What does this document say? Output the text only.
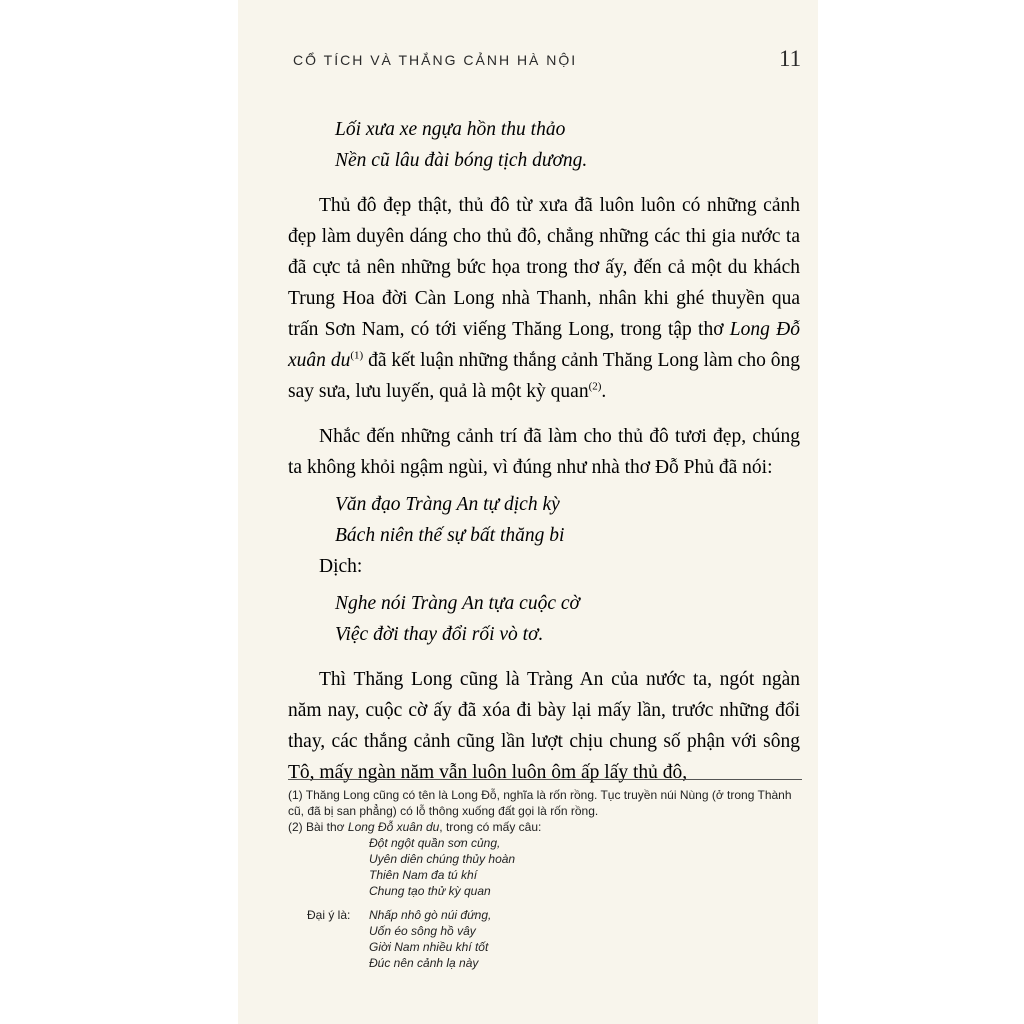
CỔ TÍCH VÀ THẮNG CẢNH HÀ NỘI	11
Lối xưa xe ngựa hồn thu thảo
Nền cũ lâu đài bóng tịch dương.

Thủ đô đẹp thật, thủ đô từ xưa đã luôn luôn có những cảnh đẹp làm duyên dáng cho thủ đô, chẳng những các thi gia nước ta đã cực tả nên những bức họa trong thơ ấy, đến cả một du khách Trung Hoa đời Càn Long nhà Thanh, nhân khi ghé thuyền qua trấn Sơn Nam, có tới viếng Thăng Long, trong tập thơ Long Đỗ xuân $du^{(1)}$ đã kết luận những thắng cảnh Thăng Long làm cho ông say sưa, lưu luyến, quả là một kỳ quan$^{(2)}$.

Nhắc đến những cảnh trí đã làm cho thủ đô tươi đẹp, chúng ta không khỏi ngậm ngùi, vì đúng như nhà thơ Đỗ Phủ đã nói:

Văn đạo Tràng An tự dịch kỳ
Bách niên thế sự bất thăng bi
Dịch:
Nghe nói Tràng An tựa cuộc cờ
Việc đời thay đổi rối vò tơ.

Thì Thăng Long cũng là Tràng An của nước ta, ngót ngàn năm nay, cuộc cờ ấy đã xóa đi bày lại mấy lần, trước những đổi thay, các thắng cảnh cũng lần lượt chịu chung số phận với sông Tô, mấy ngàn năm vẫn luôn luôn ôm ấp lấy thủ đô,

(1) Thăng Long cũng có tên là Long Đỗ, nghĩa là rốn rồng. Tục truyền núi Nùng (ở trong Thành cũ, đã bị san phẳng) có lỗ thông xuống đất gọi là rốn rồng.
(2) Bài thơ Long Đỗ xuân du, trong có mấy câu:
Đột ngột quần sơn củng,
Uyên diên chúng thủy hoàn
Thiên Nam đa tú khí
Chung tạo thử kỳ quan
Đại ý là:	Nhấp nhô gò núi đứng,
Uốn éo sông hồ vây
Giời Nam nhiều khí tốt
Đúc nên cảnh lạ này
